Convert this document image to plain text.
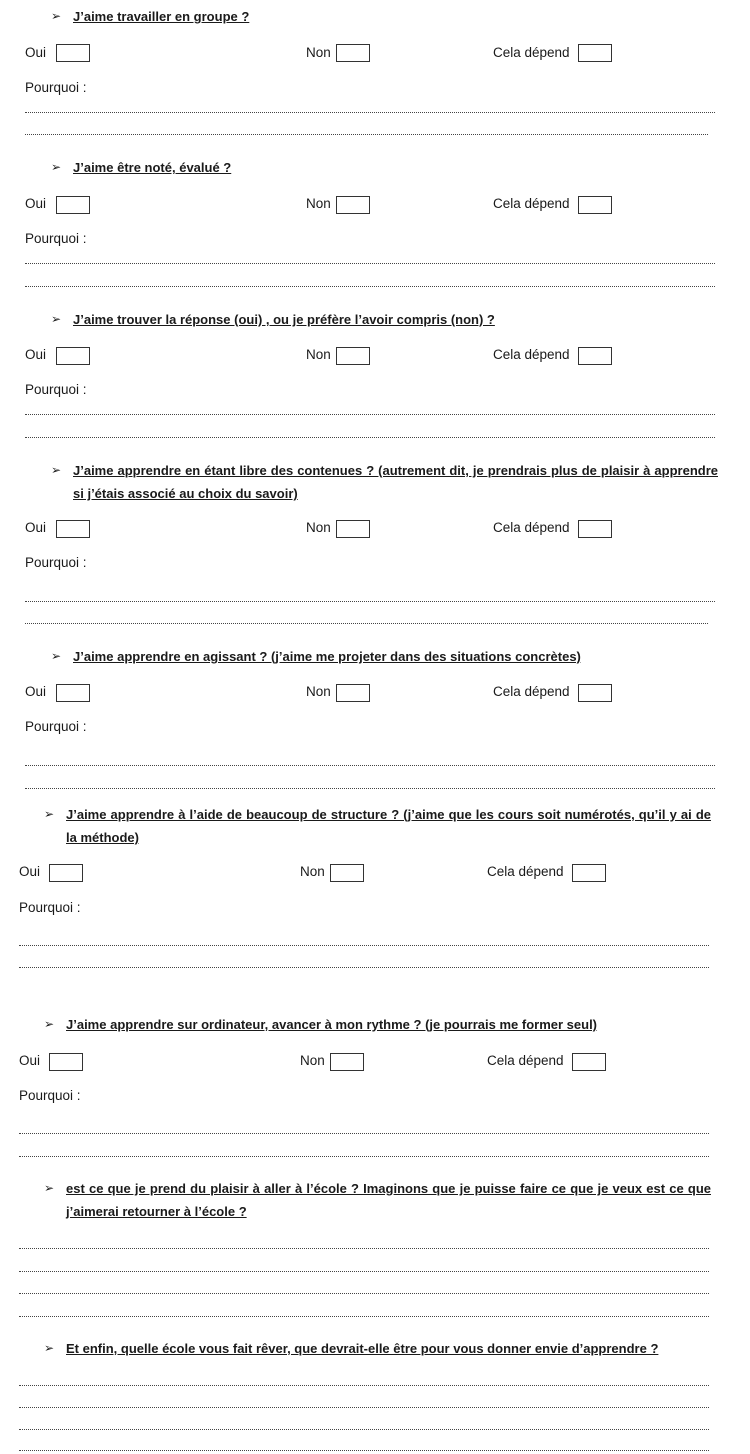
➢ J’aime travailler en groupe ?
Oui	Non	Cela dépend
Pourquoi :
➢ J’aime être noté, évalué ?
Oui	Non	Cela dépend
Pourquoi :
➢ J’aime trouver la réponse (oui) , ou je préfère l’avoir compris (non) ?
Oui	Non	Cela dépend
Pourquoi :
➢ J’aime apprendre en étant libre des contenues ? (autrement dit, je prendrais plus de plaisir à apprendre si j’étais associé au choix du savoir)
Oui	Non	Cela dépend
Pourquoi :
➢ J’aime apprendre en agissant ? (j’aime me projeter dans des situations concrètes)
Oui	Non	Cela dépend
Pourquoi :
➢ J’aime apprendre à l’aide de beaucoup de structure ? (j’aime que les cours soit numérotés, qu’il y ai de la méthode)
Oui	Non	Cela dépend
Pourquoi :
➢ J’aime apprendre sur ordinateur, avancer à mon rythme ? (je pourrais me former seul)
Oui	Non	Cela dépend
Pourquoi :
➢ est ce que je prend du plaisir à aller à l’école ? Imaginons que je puisse faire ce que je veux est ce que j’aimerai retourner à l’école ?
➢ Et enfin, quelle école vous fait rêver, que devrait-elle être pour vous donner envie d’apprendre ?
